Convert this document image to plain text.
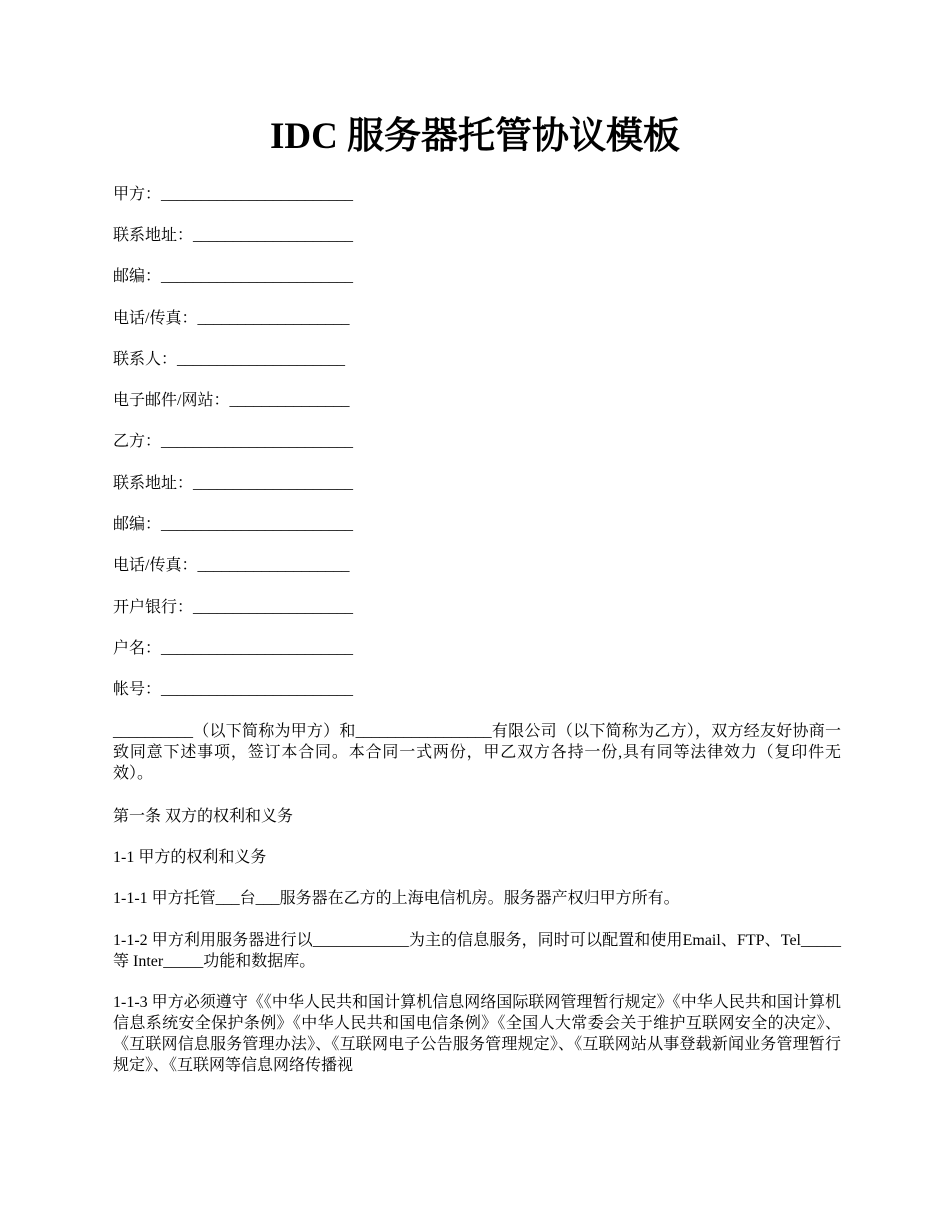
IDC 服务器托管协议模板

甲方：________________________

联系地址：____________________

邮编：________________________

电话/传真：___________________

联系人：_____________________

电子邮件/网站：_______________

乙方：________________________

联系地址：____________________

邮编：________________________

电话/传真：___________________

开户银行：____________________

户名：________________________

帐号：________________________

__________（以下简称为甲方）和_________________有限公司（以下简称为乙方），双方经友好协商一致同意下述事项，签订本合同。本合同一式两份，甲乙双方各持一份,具有同等法律效力（复印件无效）。

第一条 双方的权利和义务

1-1 甲方的权利和义务

1-1-1 甲方托管___台___服务器在乙方的上海电信机房。服务器产权归甲方所有。

1-1-2 甲方利用服务器进行以____________为主的信息服务，同时可以配置和使用Email、FTP、Tel_____等 Inter_____功能和数据库。

1-1-3 甲方必须遵守《《中华人民共和国计算机信息网络国际联网管理暂行规定》《中华人民共和国计算机信息系统安全保护条例》《中华人民共和国电信条例》《全国人大常委会关于维护互联网安全的决定》、《互联网信息服务管理办法》、《互联网电子公告服务管理规定》、《互联网站从事登载新闻业务管理暂行规定》、《互联网等信息网络传播视
